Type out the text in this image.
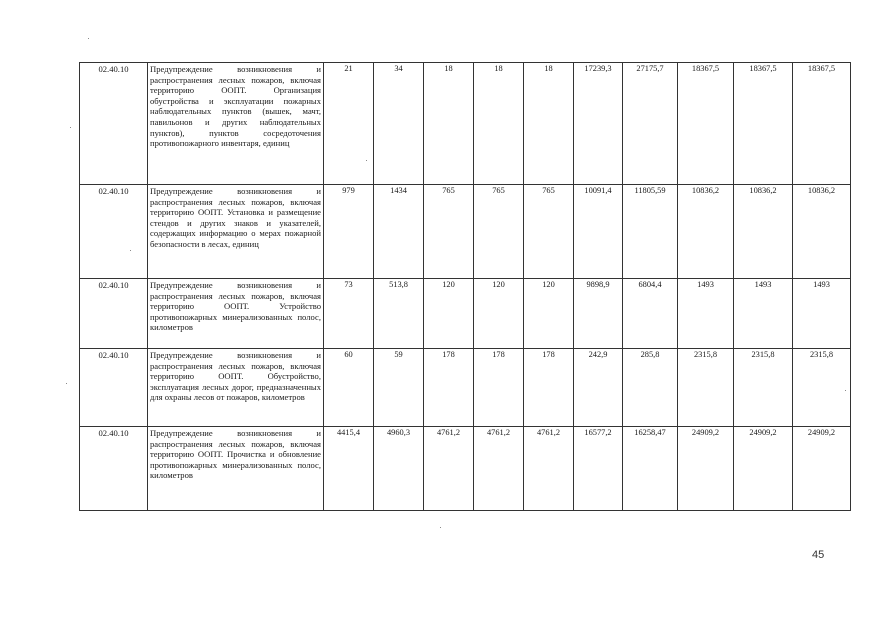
02.40.10	Предупреждение возникновения и распространения лесных пожаров, включая территорию ООПТ. Организация обустройства и эксплуатации пожарных наблюдательных пунктов (вышек, мачт, павильонов и других наблюдательных пунктов), пунктов сосредоточения противопожарного инвентаря, единиц	21	34	18	18	18	17239,3	27175,7	18367,5	18367,5	18367,5
02.40.10	Предупреждение возникновения и распространения лесных пожаров, включая территорию ООПТ. Установка и размещение стендов и других знаков и указателей, содержащих информацию о мерах пожарной безопасности в лесах, единиц	979	1434	765	765	765	10091,4	11805,59	10836,2	10836,2	10836,2
02.40.10	Предупреждение возникновения и распространения лесных пожаров, включая территорию ООПТ. Устройство противопожарных минерализованных полос, километров	73	513,8	120	120	120	9898,9	6804,4	1493	1493	1493
02.40.10	Предупреждение возникновения и распространения лесных пожаров, включая территорию ООПТ. Обустройство, эксплуатация лесных дорог, предназначенных для охраны лесов от пожаров, километров	60	59	178	178	178	242,9	285,8	2315,8	2315,8	2315,8
02.40.10	Предупреждение возникновения и распространения лесных пожаров, включая территорию ООПТ. Прочистка и обновление противопожарных минерализованных полос, километров	4415,4	4960,3	4761,2	4761,2	4761,2	16577,2	16258,47	24909,2	24909,2	24909,2
45
